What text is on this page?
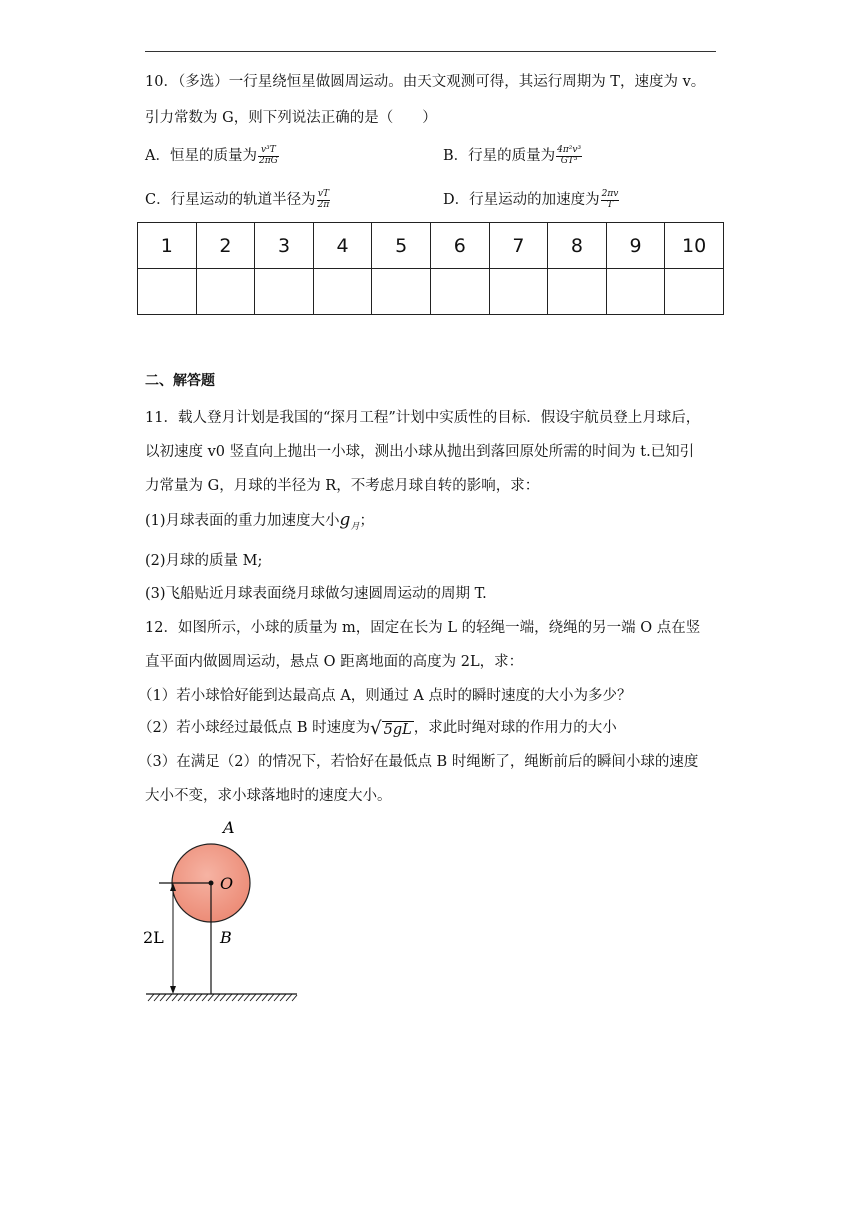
10．（多选）一行星绕恒星做圆周运动。由天文观测可得，其运行周期为 T，速度为 v。
引力常数为 G，则下列说法正确的是（　　）
A．恒星的质量为 $\frac{\text{v³T}}{2\pi G}$	B．行星的质量为 $\frac{\text{4π²v³}}{\text{GT³}}$
C．行星运动的轨道半径为 $\frac{vT}{2\pi}$	D．行星运动的加速度为 $\frac{2\pi v}{T}$
1	2	3	4	5	6	7	8	9	10

二、解答题
11．载人登月计划是我国的“探月工程”计划中实质性的目标．假设宇航员登上月球后，
以初速度 v0 竖直向上抛出一小球，测出小球从抛出到落回原处所需的时间为 t.已知引
力常量为 G，月球的半径为 R，不考虑月球自转的影响，求：
(1)月球表面的重力加速度大小$g_月$；
(2)月球的质量 M;
(3)飞船贴近月球表面绕月球做匀速圆周运动的周期 T.
12．如图所示，小球的质量为 m，固定在长为 L 的轻绳一端，绕绳的另一端 O 点在竖
直平面内做圆周运动，悬点 O 距离地面的高度为 2L，求：
（1）若小球恰好能到达最高点 A，则通过 A 点时的瞬时速度的大小为多少？
（2）若小球经过最低点 B 时速度为√ 5gL ，求此时绳对球的作用力的大小
（3）在满足（2）的情况下，若恰好在最低点 B 时绳断了，绳断前后的瞬间小球的速度
大小不变，求小球落地时的速度大小。
A
O
B
2L
